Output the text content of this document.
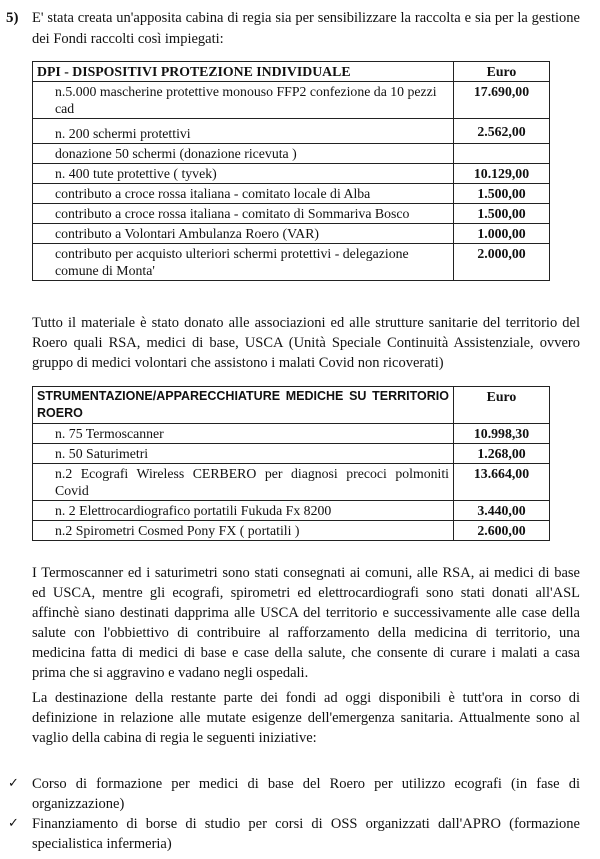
5) E' stata creata un'apposita cabina di regia sia per sensibilizzare la raccolta e sia per la gestione dei Fondi raccolti così impiegati:
DPI - DISPOSITIVI PROTEZIONE INDIVIDUALE	Euro
n.5.000 mascherine protettive monouso FFP2 confezione da 10 pezzi cad	17.690,00
n. 200 schermi protettivi	2.562,00
donazione 50 schermi (donazione ricevuta )	
n. 400 tute protettive ( tyvek)	10.129,00
contributo a croce rossa italiana - comitato locale di Alba	1.500,00
contributo a croce rossa italiana - comitato di Sommariva Bosco	1.500,00
contributo a Volontari Ambulanza Roero (VAR)	1.000,00
contributo per acquisto ulteriori schermi protettivi - delegazione comune di Monta'	2.000,00
Tutto il materiale è stato donato alle associazioni ed alle strutture sanitarie del territorio del Roero quali RSA, medici di base, USCA (Unità Speciale Continuità Assistenziale, ovvero gruppo di medici volontari che assistono i malati Covid non ricoverati)
STRUMENTAZIONE/APPARECCHIATURE MEDICHE SU TERRITORIO ROERO	Euro
n. 75 Termoscanner	10.998,30
n. 50 Saturimetri	1.268,00
n.2 Ecografi Wireless CERBERO per diagnosi precoci polmoniti Covid	13.664,00
n. 2 Elettrocardiografico portatili Fukuda Fx 8200	3.440,00
n.2 Spirometri Cosmed Pony FX ( portatili )	2.600,00
I Termoscanner ed i saturimetri sono stati consegnati ai comuni, alle RSA, ai medici di base ed USCA, mentre gli ecografi, spirometri ed elettrocardiografi sono stati donati all'ASL affinchè siano destinati dapprima alle USCA del territorio e successivamente alle case della salute con l'obbiettivo di contribuire al rafforzamento della medicina di territorio, una medicina fatta di medici di base e case della salute, che consente di curare i malati a casa prima che si aggravino e vadano negli ospedali.
La destinazione della restante parte dei fondi ad oggi disponibili è tutt'ora in corso di definizione in relazione alle mutate esigenze dell'emergenza sanitaria. Attualmente sono al vaglio della cabina di regia le seguenti iniziative:
✓ Corso di formazione per medici di base del Roero per utilizzo ecografi (in fase di organizzazione)
✓ Finanziamento di borse di studio per corsi di OSS organizzati dall'APRO (formazione specialistica infermeria)
